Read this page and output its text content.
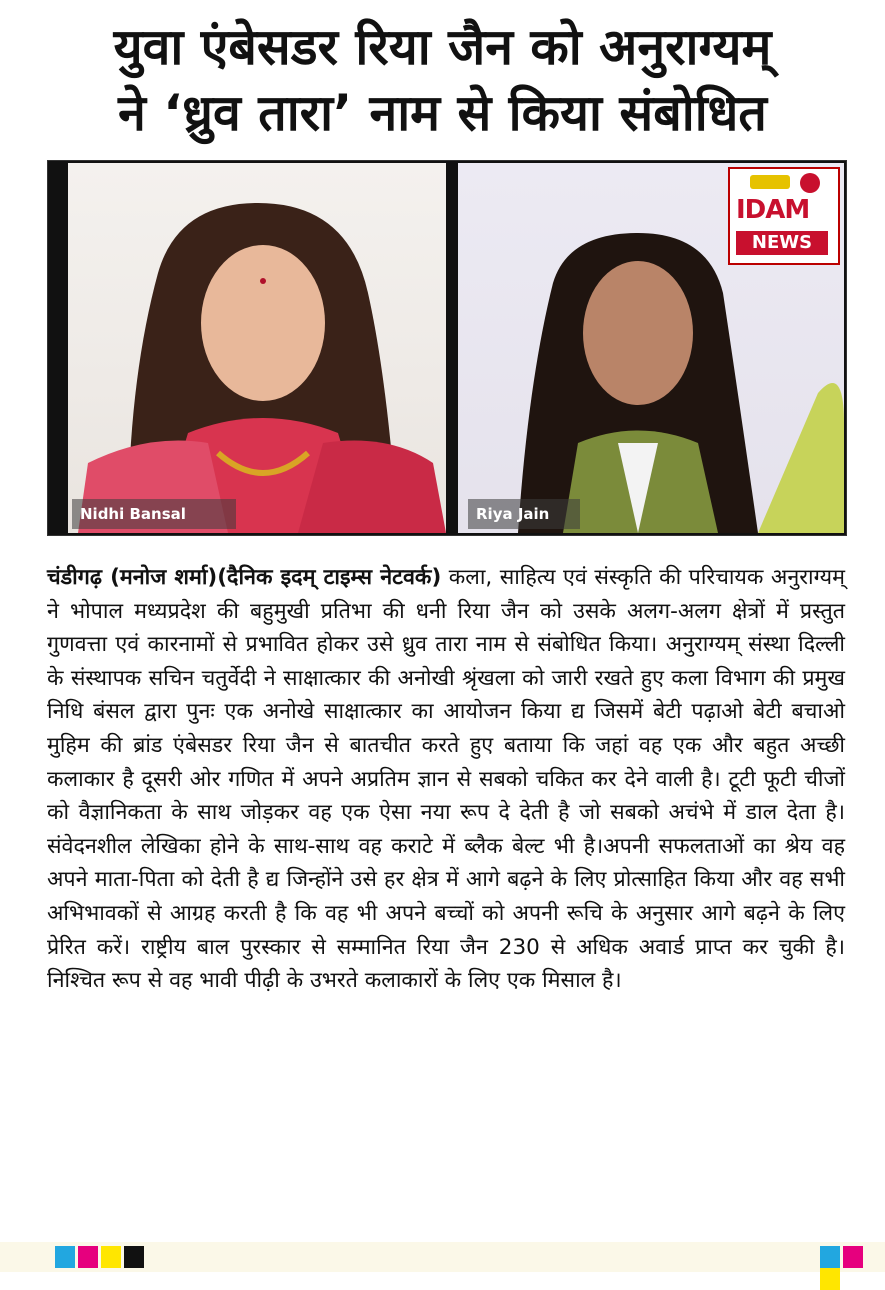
युवा एंबेसडर रिया जैन को अनुराग्यम्
ने ‘ध्रुव तारा’ नाम से किया संबोधित
Nidhi Bansal	Riya Jain
IDAM
NEWS
चंडीगढ़ (मनोज शर्मा)(दैनिक इदम् टाइम्स नेटवर्क) कला, साहित्य एवं संस्कृति की परिचायक अनुराग्यम् ने भोपाल मध्यप्रदेश की बहुमुखी प्रतिभा की धनी रिया जैन को उसके अलग-अलग क्षेत्रों में प्रस्तुत गुणवत्ता एवं कारनामों से प्रभावित होकर उसे ध्रुव तारा नाम से संबोधित किया। अनुराग्यम् संस्था दिल्ली के संस्थापक सचिन चतुर्वेदी ने साक्षात्कार की अनोखी श्रृंखला को जारी रखते हुए कला विभाग की प्रमुख निधि बंसल द्वारा पुनः एक अनोखे साक्षात्कार का आयोजन किया द्य जिसमें बेटी पढ़ाओ बेटी बचाओ मुहिम की ब्रांड एंबेसडर रिया जैन से बातचीत करते हुए बताया कि जहां वह एक और बहुत अच्छी कलाकार है दूसरी ओर गणित में अपने अप्रतिम ज्ञान से सबको चकित कर देने वाली है। टूटी फूटी चीजों को वैज्ञानिकता के साथ जोड़कर वह एक ऐसा नया रूप दे देती है जो सबको अचंभे में डाल देता है। संवेदनशील लेखिका होने के साथ-साथ वह कराटे में ब्लैक बेल्ट भी है।अपनी सफलताओं का श्रेय वह अपने माता-पिता को देती है द्य जिन्होंने उसे हर क्षेत्र में आगे बढ़ने के लिए प्रोत्साहित किया और वह सभी अभिभावकों से आग्रह करती है कि वह भी अपने बच्चों को अपनी रूचि के अनुसार आगे बढ़ने के लिए प्रेरित करें। राष्ट्रीय बाल पुरस्कार से सम्मानित रिया जैन 230 से अधिक अवार्ड प्राप्त कर चुकी है। निश्चित रूप से वह भावी पीढ़ी के उभरते कलाकारों के लिए एक मिसाल है।
